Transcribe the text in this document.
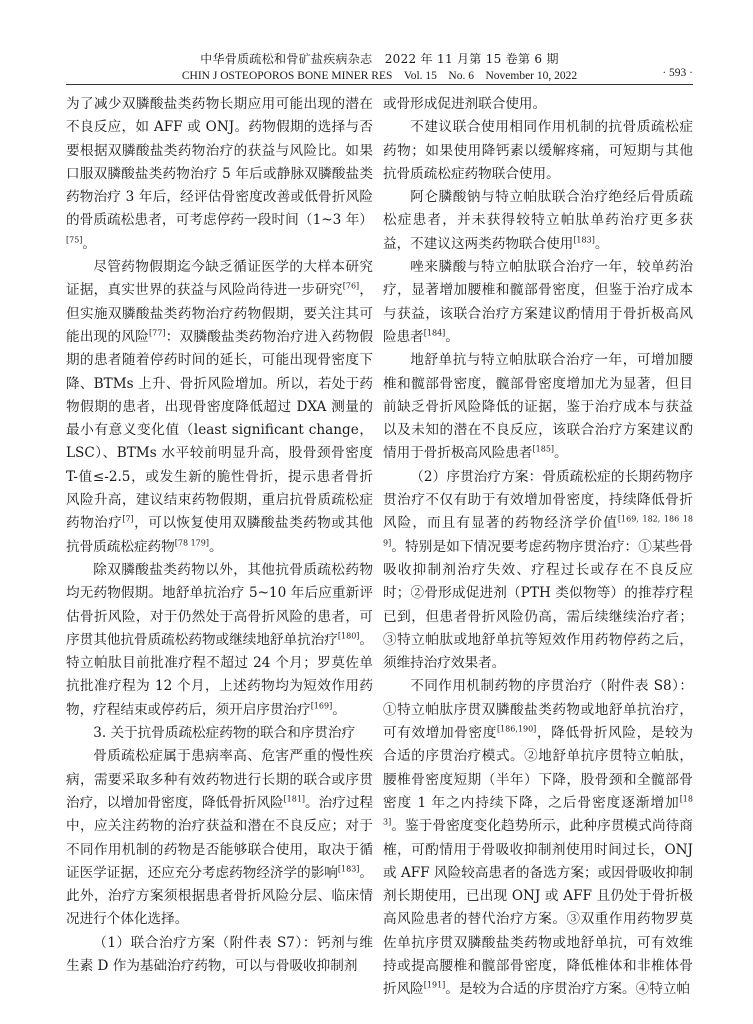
中华骨质疏松和骨矿盐疾病杂志　2022 年 11 月第 15 卷第 6 期
CHIN J OSTEOPOROS BONE MINER RES　Vol. 15　No. 6　November 10, 2022	· 593 ·

为了减少双膦酸盐类药物长期应用可能出现的潜在不良反应，如 AFF 或 ONJ。药物假期的选择与否要根据双膦酸盐类药物治疗的获益与风险比。如果口服双膦酸盐类药物治疗 5 年后或静脉双膦酸盐类药物治疗 3 年后，经评估骨密度改善或低骨折风险的骨质疏松患者，可考虑停药一段时间（1~3 年）[75]。

尽管药物假期迄今缺乏循证医学的大样本研究证据，真实世界的获益与风险尚待进一步研究[76]，但实施双膦酸盐类药物治疗药物假期，要关注其可能出现的风险[77]：双膦酸盐类药物治疗进入药物假期的患者随着停药时间的延长，可能出现骨密度下降、BTMs 上升、骨折风险增加。所以，若处于药物假期的患者，出现骨密度降低超过 DXA 测量的最小有意义变化值（least significant change，LSC）、BTMs 水平较前明显升高，股骨颈骨密度 T-值≤-2.5，或发生新的脆性骨折，提示患者骨折风险升高，建议结束药物假期，重启抗骨质疏松症药物治疗[7]，可以恢复使用双膦酸盐类药物或其他抗骨质疏松症药物[78 179]。

除双膦酸盐类药物以外，其他抗骨质疏松药物均无药物假期。地舒单抗治疗 5~10 年后应重新评估骨折风险，对于仍然处于高骨折风险的患者，可序贯其他抗骨质疏松药物或继续地舒单抗治疗[180]。特立帕肽目前批准疗程不超过 24 个月；罗莫佐单抗批准疗程为 12 个月，上述药物均为短效作用药物，疗程结束或停药后，须开启序贯治疗[169]。

3. 关于抗骨质疏松症药物的联合和序贯治疗

骨质疏松症属于患病率高、危害严重的慢性疾病，需要采取多种有效药物进行长期的联合或序贯治疗，以增加骨密度，降低骨折风险[181]。治疗过程中，应关注药物的治疗获益和潜在不良反应；对于不同作用机制的药物是否能够联合使用，取决于循证医学证据，还应充分考虑药物经济学的影响[183]。此外，治疗方案须根据患者骨折风险分层、临床情况进行个体化选择。

（1）联合治疗方案（附件表 S7）：钙剂与维生素 D 作为基础治疗药物，可以与骨吸收抑制剂

或骨形成促进剂联合使用。

不建议联合使用相同作用机制的抗骨质疏松症药物；如果使用降钙素以缓解疼痛，可短期与其他抗骨质疏松症药物联合使用。

阿仑膦酸钠与特立帕肽联合治疗绝经后骨质疏松症患者，并未获得较特立帕肽单药治疗更多获益，不建议这两类药物联合使用[183]。

唑来膦酸与特立帕肽联合治疗一年，较单药治疗，显著增加腰椎和髋部骨密度，但鉴于治疗成本与获益，该联合治疗方案建议酌情用于骨折极高风险患者[184]。

地舒单抗与特立帕肽联合治疗一年，可增加腰椎和髋部骨密度，髋部骨密度增加尤为显著，但目前缺乏骨折风险降低的证据，鉴于治疗成本与获益以及未知的潜在不良反应，该联合治疗方案建议酌情用于骨折极高风险患者[185]。

（2）序贯治疗方案：骨质疏松症的长期药物序贯治疗不仅有助于有效增加骨密度，持续降低骨折风险，而且有显著的药物经济学价值[169, 182, 186 189]。特别是如下情况要考虑药物序贯治疗：①某些骨吸收抑制剂治疗失效、疗程过长或存在不良反应时；②骨形成促进剂（PTH 类似物等）的推荐疗程已到，但患者骨折风险仍高，需后续继续治疗者；③特立帕肽或地舒单抗等短效作用药物停药之后，须维持治疗效果者。

不同作用机制药物的序贯治疗（附件表 S8）：①特立帕肽序贯双膦酸盐类药物或地舒单抗治疗，可有效增加骨密度[186,190]，降低骨折风险，是较为合适的序贯治疗模式。②地舒单抗序贯特立帕肽，腰椎骨密度短期（半年）下降，股骨颈和全髋部骨密度 1 年之内持续下降，之后骨密度逐渐增加[183]。鉴于骨密度变化趋势所示，此种序贯模式尚待商榷，可酌情用于骨吸收抑制剂使用时间过长，ONJ 或 AFF 风险较高患者的备选方案；或因骨吸收抑制剂长期使用，已出现 ONJ 或 AFF 且仍处于骨折极高风险患者的替代治疗方案。③双重作用药物罗莫佐单抗序贯双膦酸盐类药物或地舒单抗，可有效维持或提高腰椎和髋部骨密度，降低椎体和非椎体骨折风险[191]。是较为合适的序贯治疗方案。④特立帕
